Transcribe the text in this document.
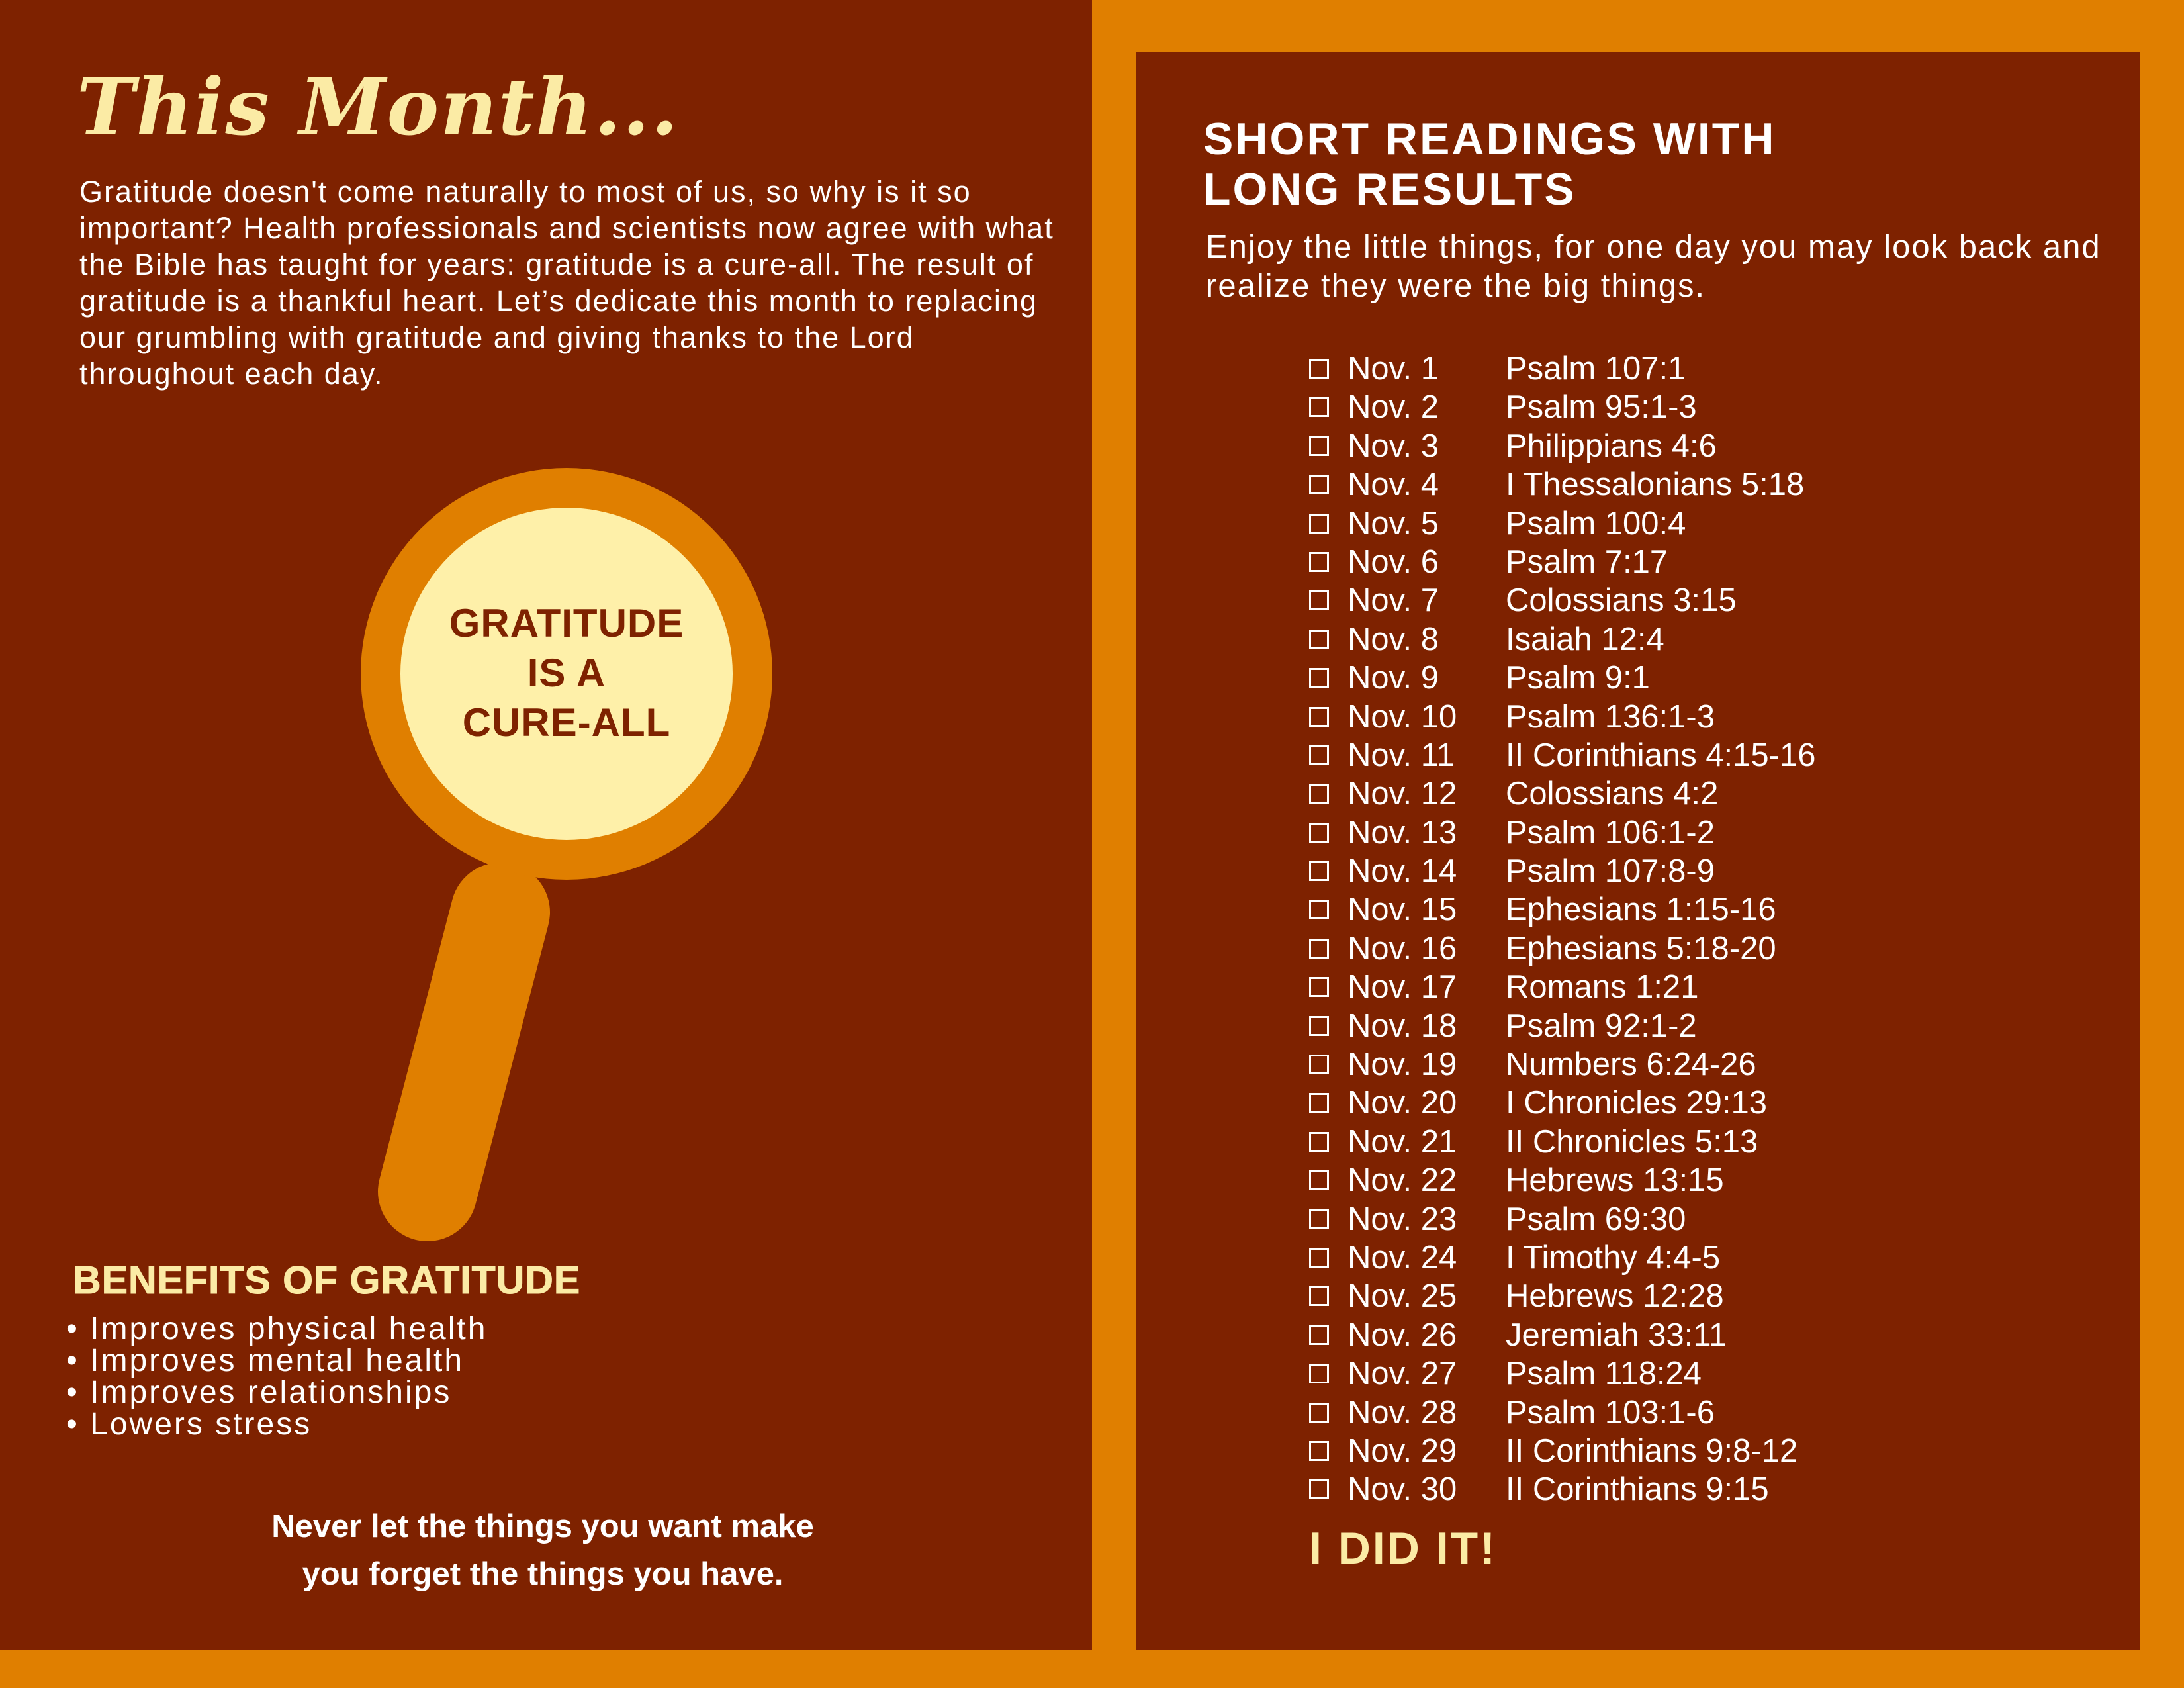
This Month...

Gratitude doesn't come naturally to most of us, so why is it so important? Health professionals and scientists now agree with what the Bible has taught for years: gratitude is a cure-all. The result of gratitude is a thankful heart. Let’s dedicate this month to replacing our grumbling with gratitude and giving thanks to the Lord throughout each day.

GRATITUDE
IS A
CURE-ALL
BENEFITS OF GRATITUDE
• Improves physical health
• Improves mental health
• Improves relationships
• Lowers stress
Never let the things you want make
you forget the things you have.
SHORT READINGS WITH
LONG RESULTS

Enjoy the little things, for one day you may look back and realize they were the big things.

Nov. 1 Psalm 107:1
Nov. 2 Psalm 95:1-3
Nov. 3 Philippians 4:6
Nov. 4 I Thessalonians 5:18
Nov. 5 Psalm 100:4
Nov. 6 Psalm 7:17
Nov. 7 Colossians 3:15
Nov. 8 Isaiah 12:4
Nov. 9 Psalm 9:1
Nov. 10 Psalm 136:1-3
Nov. 11 II Corinthians 4:15-16
Nov. 12 Colossians 4:2
Nov. 13 Psalm 106:1-2
Nov. 14 Psalm 107:8-9
Nov. 15 Ephesians 1:15-16
Nov. 16 Ephesians 5:18-20
Nov. 17 Romans 1:21
Nov. 18 Psalm 92:1-2
Nov. 19 Numbers 6:24-26
Nov. 20 I Chronicles 29:13
Nov. 21 II Chronicles 5:13
Nov. 22 Hebrews 13:15
Nov. 23 Psalm 69:30
Nov. 24 I Timothy 4:4-5
Nov. 25 Hebrews 12:28
Nov. 26 Jeremiah 33:11
Nov. 27 Psalm 118:24
Nov. 28 Psalm 103:1-6
Nov. 29 II Corinthians 9:8-12
Nov. 30 II Corinthians 9:15
I DID IT!
